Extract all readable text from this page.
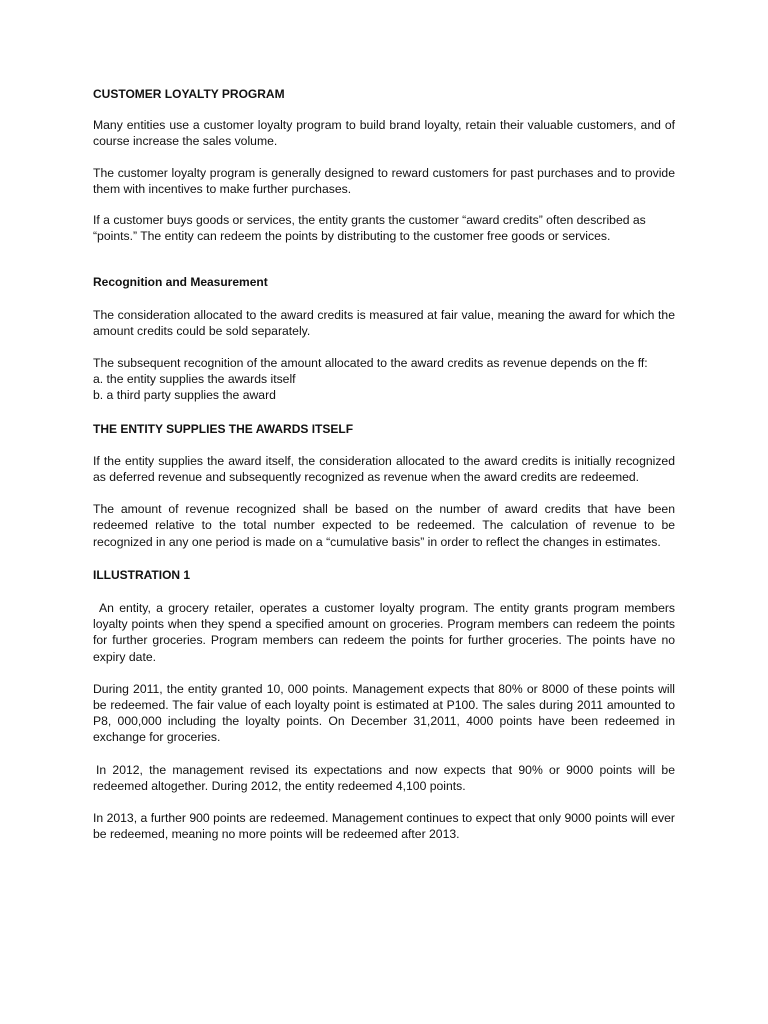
CUSTOMER LOYALTY PROGRAM

Many entities use a customer loyalty program to build brand loyalty, retain their valuable customers, and of course increase the sales volume.

The customer loyalty program is generally designed to reward customers for past purchases and to provide them with incentives to make further purchases.

If a customer buys goods or services, the entity grants the customer “award credits” often described as
“points.” The entity can redeem the points by distributing to the customer free goods or services.
Recognition and Measurement

The consideration allocated to the award credits is measured at fair value, meaning the award for which the amount credits could be sold separately.

The subsequent recognition of the amount allocated to the award credits as revenue depends on the ff:

a. the entity supplies the awards itself
b. a third party supplies the award
THE ENTITY SUPPLIES THE AWARDS ITSELF

If the entity supplies the award itself, the consideration allocated to the award credits is initially recognized as deferred revenue and subsequently recognized as revenue when the award credits are redeemed.

The amount of revenue recognized shall be based on the number of award credits that have been redeemed relative to the total number expected to be redeemed. The calculation of revenue to be recognized in any one period is made on a “cumulative basis” in order to reflect the changes in estimates.

ILLUSTRATION 1

An entity, a grocery retailer, operates a customer loyalty program. The entity grants program members loyalty points when they spend a specified amount on groceries. Program members can redeem the points for further groceries. Program members can redeem the points for further groceries. The points have no expiry date.

During 2011, the entity granted 10, 000 points. Management expects that 80% or 8000 of these points will be redeemed. The fair value of each loyalty point is estimated at P100. The sales during 2011 amounted to P8, 000,000 including the loyalty points. On December 31,2011, 4000 points have been redeemed in exchange for groceries.

In 2012, the management revised its expectations and now expects that 90% or 9000 points will be redeemed altogether. During 2012, the entity redeemed 4,100 points.

In 2013, a further 900 points are redeemed. Management continues to expect that only 9000 points will ever be redeemed, meaning no more points will be redeemed after 2013.
